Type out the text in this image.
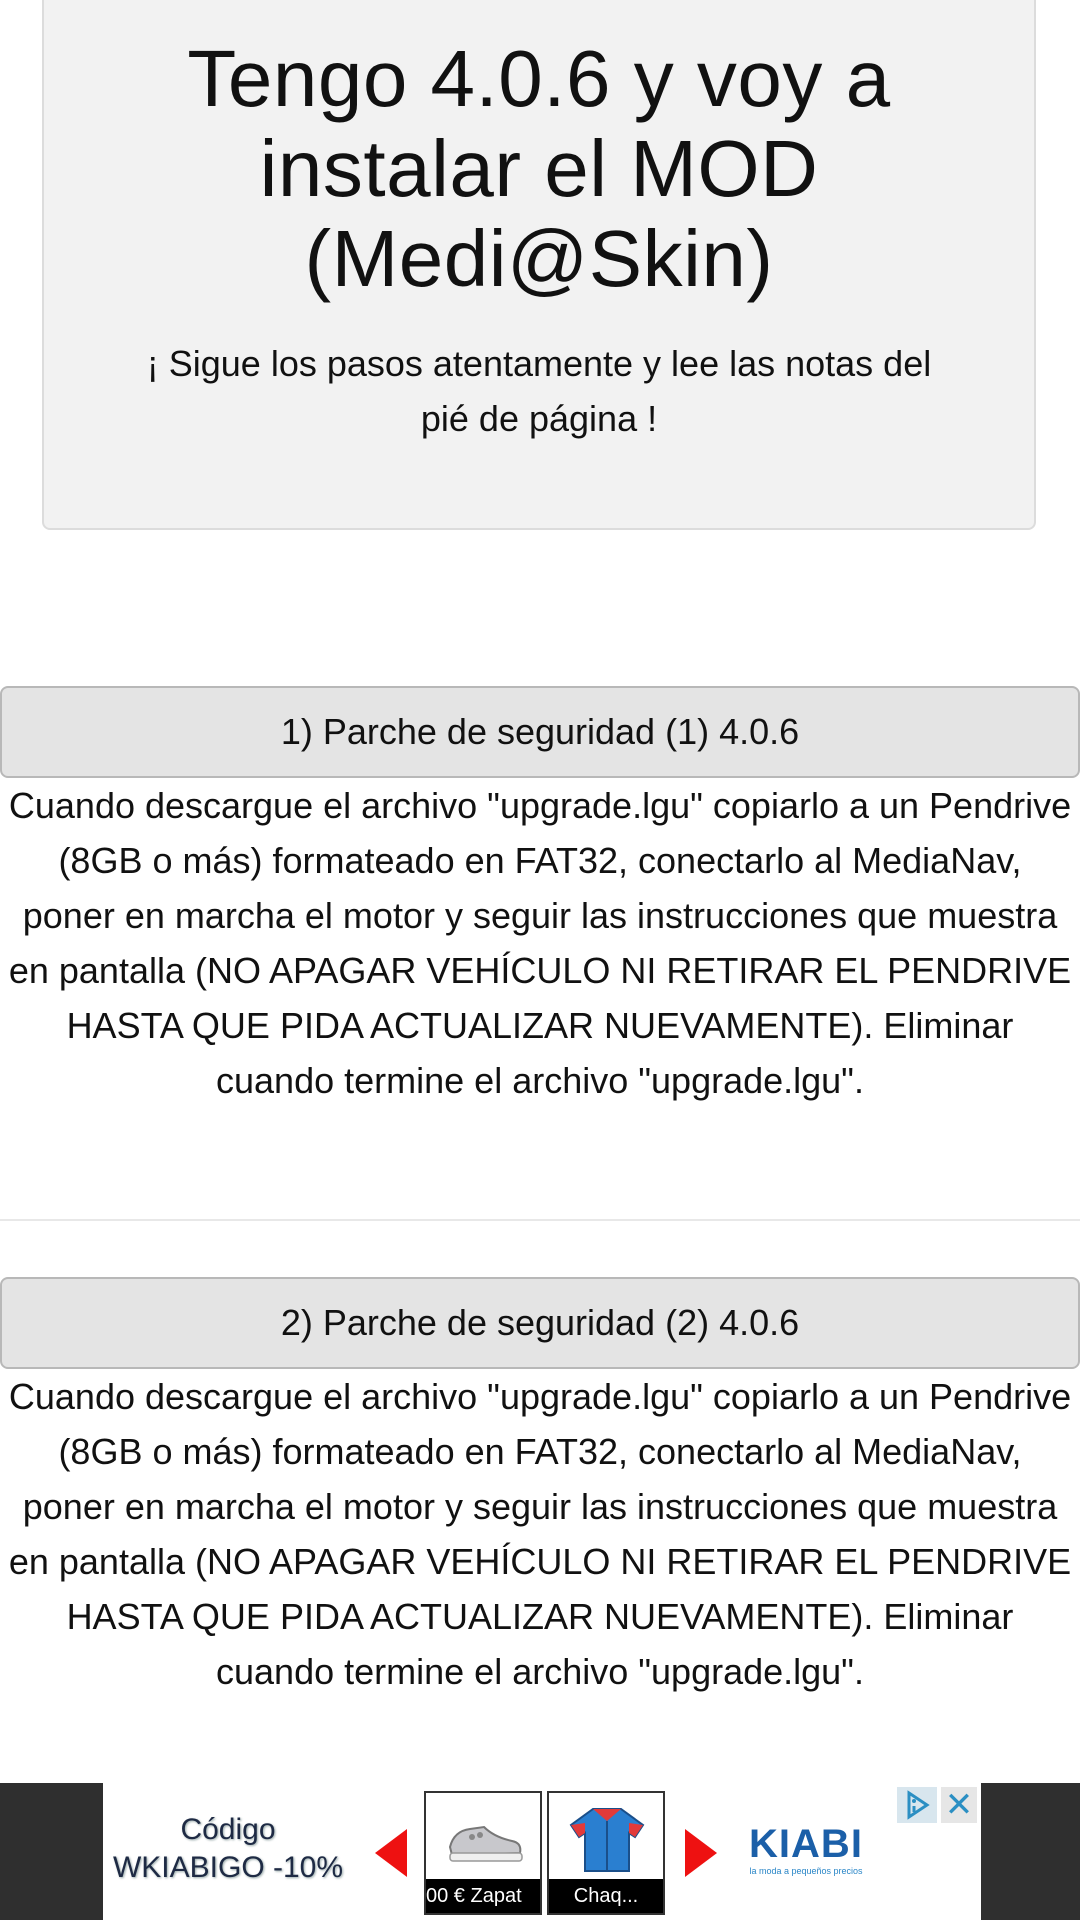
Tengo 4.0.6 y voy a instalar el MOD (Medi@Skin)
¡ Sigue los pasos atentamente y lee las notas del pié de página !
1) Parche de seguridad (1) 4.0.6
Cuando descargue el archivo "upgrade.lgu" copiarlo a un Pendrive (8GB o más) formateado en FAT32, conectarlo al MediaNav, poner en marcha el motor y seguir las instrucciones que muestra en pantalla (NO APAGAR VEHÍCULO NI RETIRAR EL PENDRIVE HASTA QUE PIDA ACTUALIZAR NUEVAMENTE). Eliminar cuando termine el archivo "upgrade.lgu".
2) Parche de seguridad (2) 4.0.6
Cuando descargue el archivo "upgrade.lgu" copiarlo a un Pendrive (8GB o más) formateado en FAT32, conectarlo al MediaNav, poner en marcha el motor y seguir las instrucciones que muestra en pantalla (NO APAGAR VEHÍCULO NI RETIRAR EL PENDRIVE HASTA QUE PIDA ACTUALIZAR NUEVAMENTE). Eliminar cuando termine el archivo "upgrade.lgu".
Código
WKIABIGO -10%
00 € Zapat	Chaq...
KIABI
la moda a pequeños precios
✕
